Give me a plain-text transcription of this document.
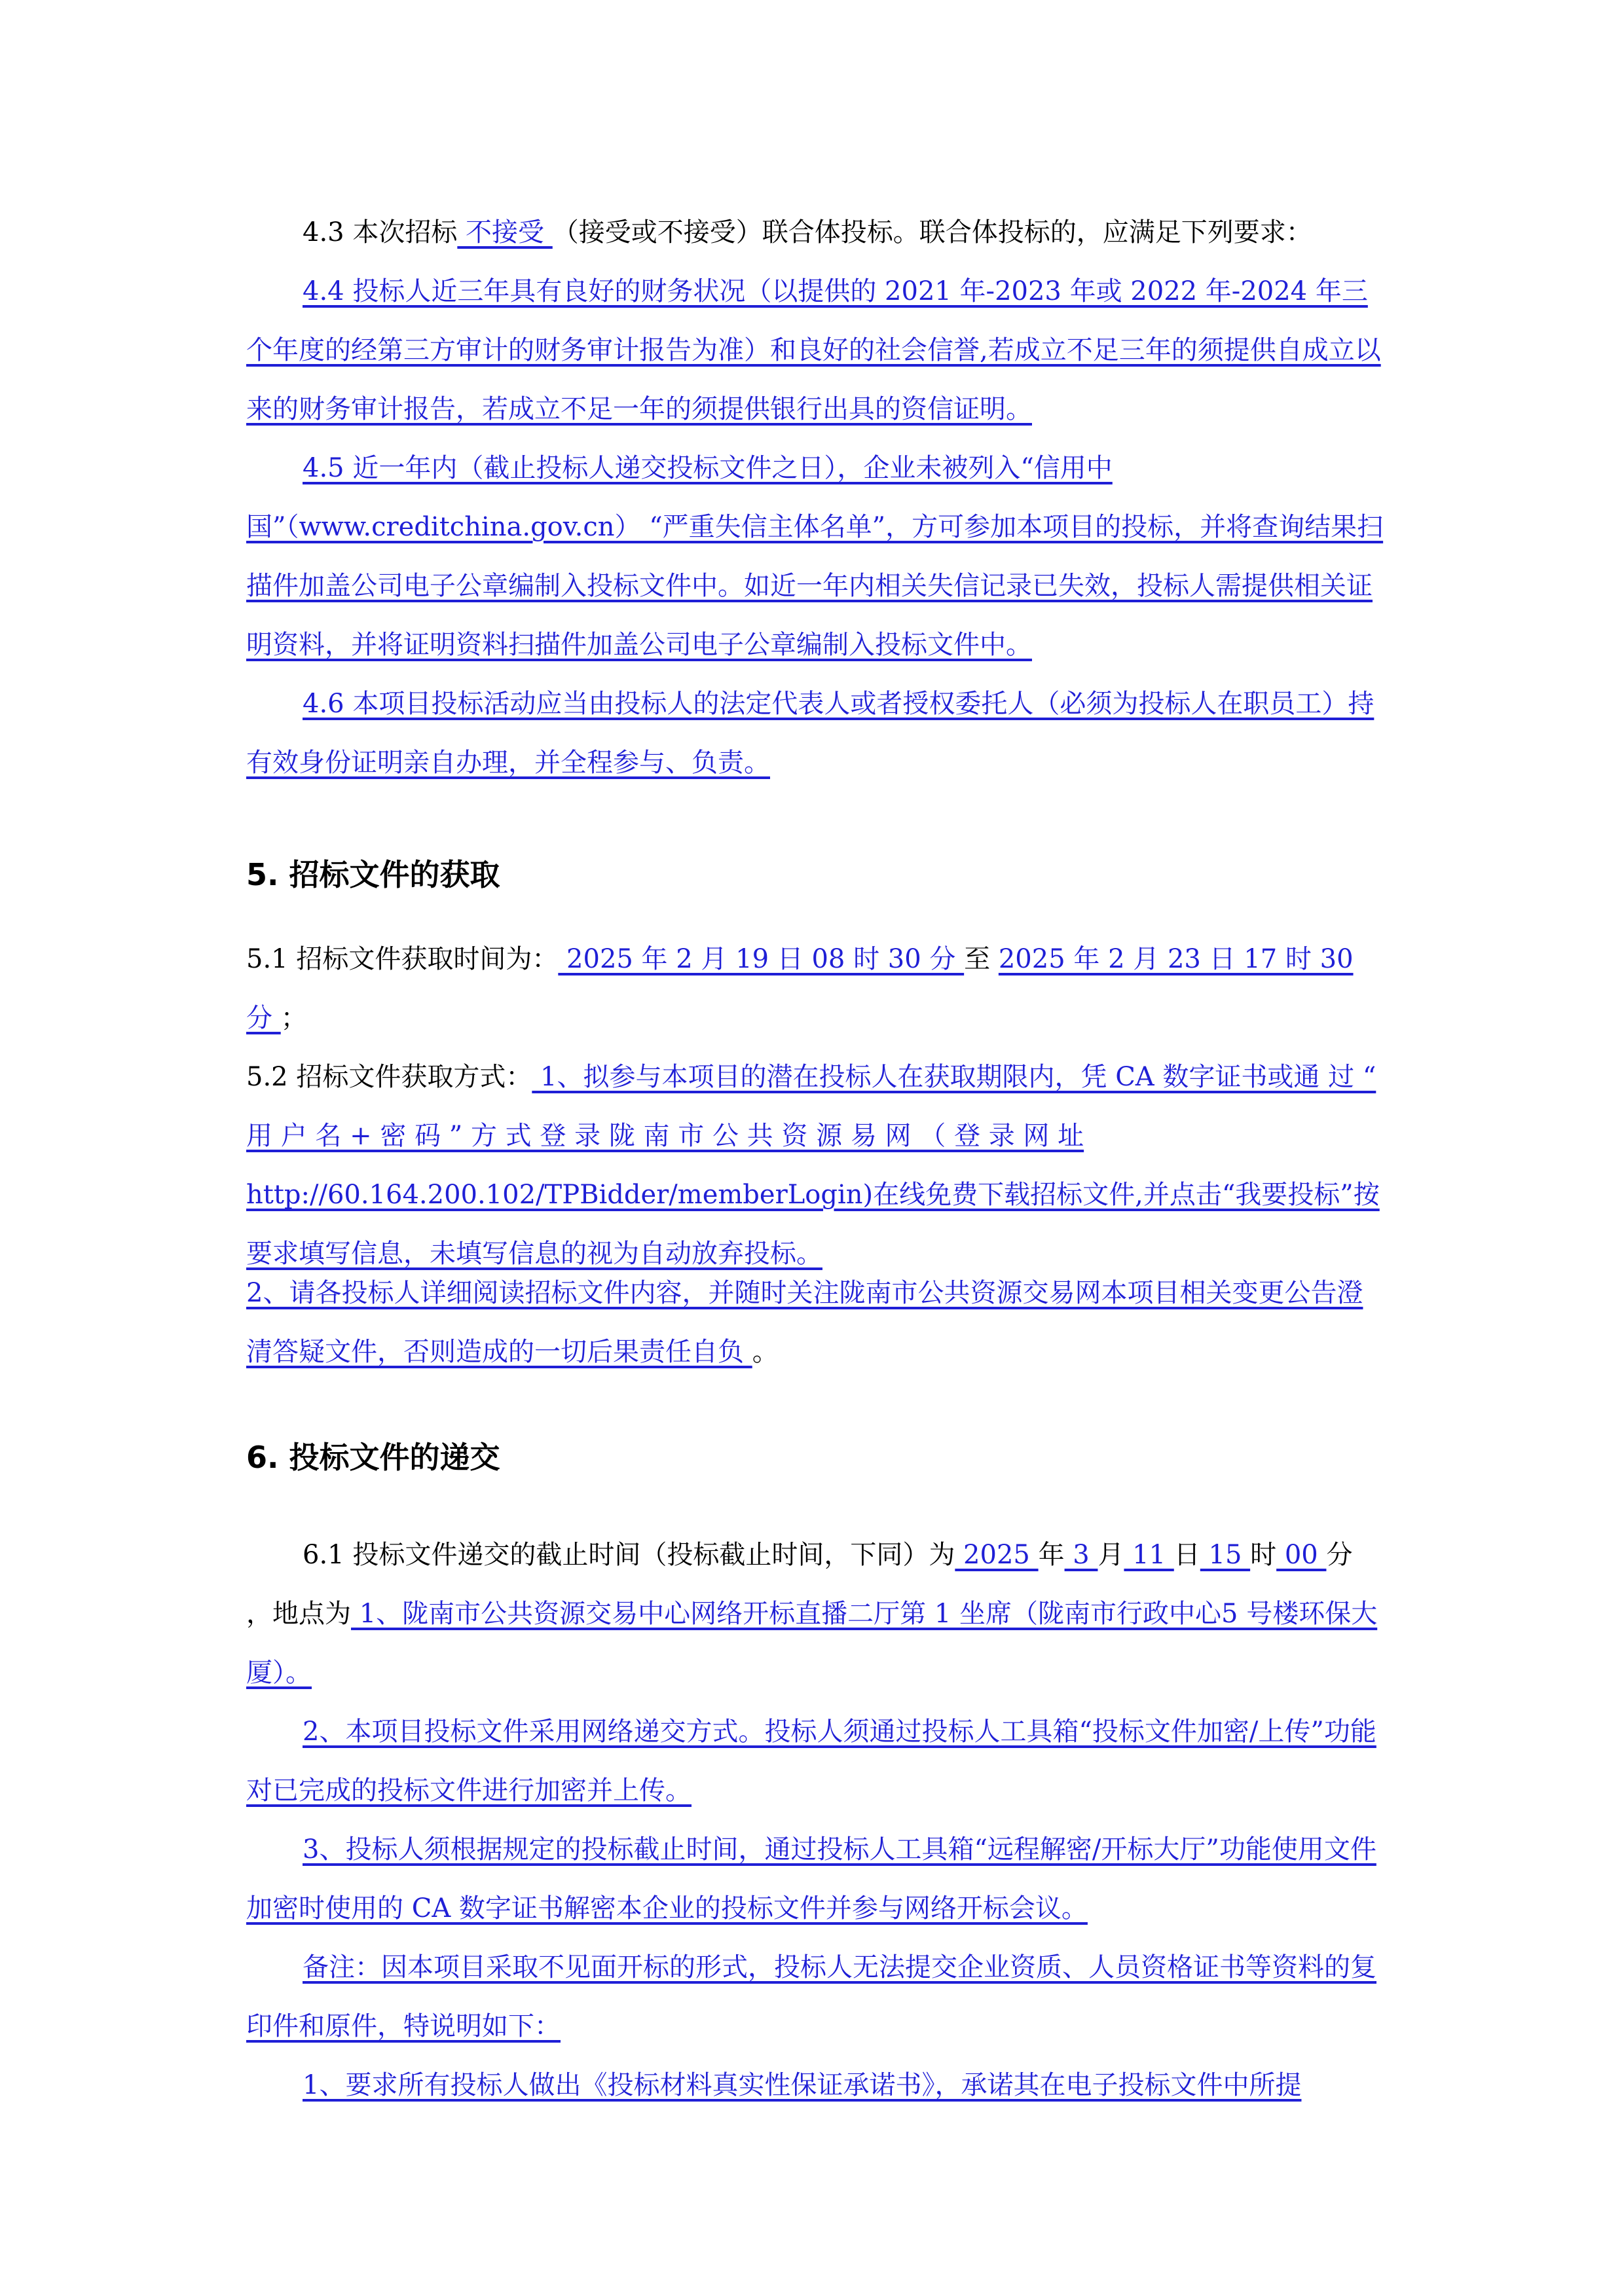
4.3 本次招标 不接受 （接受或不接受）联合体投标。联合体投标的，应满足下列要求：

4.4 投标人近三年具有良好的财务状况（以提供的 2021 年-2023 年或 2022 年-2024 年三个年度的经第三方审计的财务审计报告为准）和良好的社会信誉,若成立不足三年的须提供自成立以来的财务审计报告，若成立不足一年的须提供银行出具的资信证明。

4.5 近一年内（截止投标人递交投标文件之日），企业未被列入“信用中国”（www.creditchina.gov.cn） “严重失信主体名单”，方可参加本项目的投标，并将查询结果扫描件加盖公司电子公章编制入投标文件中。如近一年内相关失信记录已失效，投标人需提供相关证明资料，并将证明资料扫描件加盖公司电子公章编制入投标文件中。

4.6 本项目投标活动应当由投标人的法定代表人或者授权委托人（必须为投标人在职员工）持有效身份证明亲自办理，并全程参与、负责。

5. 招标文件的获取

5.1 招标文件获取时间为： 2025 年 2 月 19 日 08 时 30 分 至 2025 年 2 月 23 日 17 时 30 分 ；

5.2 招标文件获取方式： 1、拟参与本项目的潜在投标人在获取期限内，凭 CA 数字证书或通 过 “ 用 户 名 + 密 码 ” 方 式 登 录 陇 南 市 公 共 资 源 易 网 （ 登 录 网 址 http://60.164.200.102/TPBidder/memberLogin)在线免费下载招标文件,并点击“我要投标”按要求填写信息，未填写信息的视为自动放弃投标。

2、请各投标人详细阅读招标文件内容，并随时关注陇南市公共资源交易网本项目相关变更公告澄清答疑文件，否则造成的一切后果责任自负 。

6. 投标文件的递交

6.1 投标文件递交的截止时间（投标截止时间，下同）为 2025 年 3 月 11 日 15 时 00 分 ，地点为 1、陇南市公共资源交易中心网络开标直播二厅第 1 坐席（陇南市行政中心5 号楼环保大厦）。

2、本项目投标文件采用网络递交方式。投标人须通过投标人工具箱“投标文件加密/上传”功能对已完成的投标文件进行加密并上传。

3、投标人须根据规定的投标截止时间，通过投标人工具箱“远程解密/开标大厅”功能使用文件加密时使用的 CA 数字证书解密本企业的投标文件并参与网络开标会议。

备注：因本项目采取不见面开标的形式，投标人无法提交企业资质、人员资格证书等资料的复印件和原件，特说明如下：

1、要求所有投标人做出《投标材料真实性保证承诺书》，承诺其在电子投标文件中所提
